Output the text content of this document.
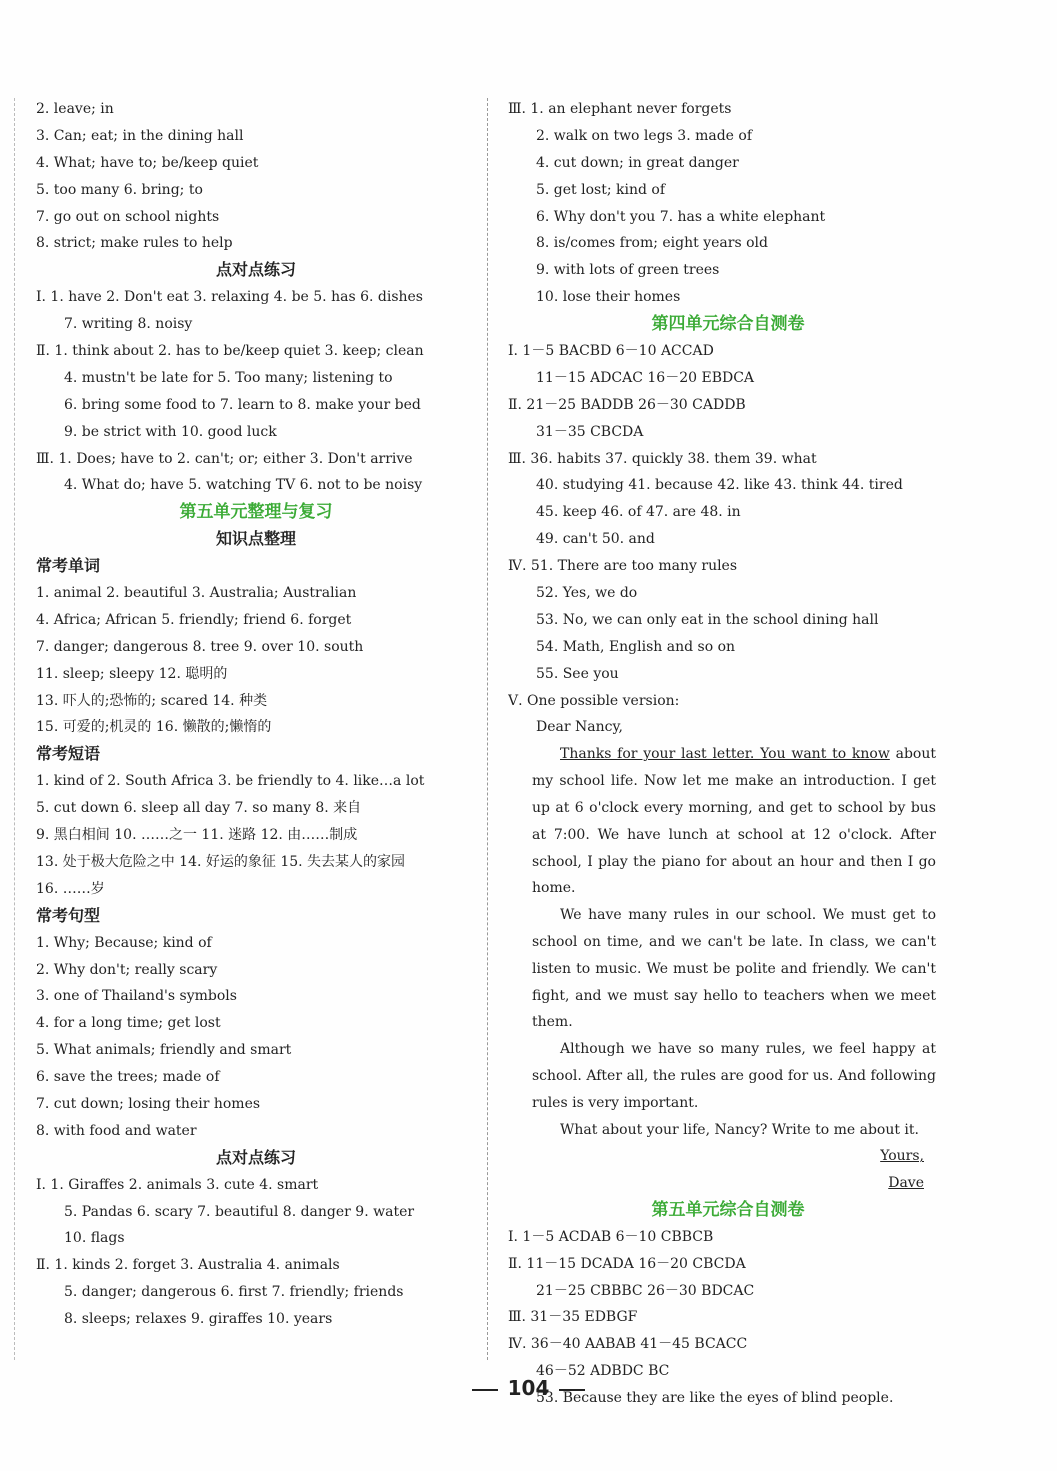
2. leave; in
3. Can; eat; in the dining hall
4. What; have to; be/keep quiet
5. too many 6. bring; to
7. go out on school nights
8. strict; make rules to help
点对点练习
Ⅰ. 1. have 2. Don't eat 3. relaxing 4. be 5. has 6. dishes
7. writing 8. noisy
Ⅱ. 1. think about 2. has to be/keep quiet 3. keep; clean
4. mustn't be late for 5. Too many; listening to
6. bring some food to 7. learn to 8. make your bed
9. be strict with 10. good luck
Ⅲ. 1. Does; have to 2. can't; or; either 3. Don't arrive
4. What do; have 5. watching TV 6. not to be noisy
第五单元整理与复习
知识点整理
常考单词
1. animal 2. beautiful 3. Australia; Australian
4. Africa; African 5. friendly; friend 6. forget
7. danger; dangerous 8. tree 9. over 10. south
11. sleep; sleepy 12. 聪明的
13. 吓人的;恐怖的; scared 14. 种类
15. 可爱的;机灵的 16. 懒散的;懒惰的
常考短语
1. kind of 2. South Africa 3. be friendly to 4. like…a lot
5. cut down 6. sleep all day 7. so many 8. 来自
9. 黑白相间 10. ……之一 11. 迷路 12. 由……制成
13. 处于极大危险之中 14. 好运的象征 15. 失去某人的家园
16. ……岁
常考句型
1. Why; Because; kind of
2. Why don't; really scary
3. one of Thailand's symbols
4. for a long time; get lost
5. What animals; friendly and smart
6. save the trees; made of
7. cut down; losing their homes
8. with food and water
点对点练习
Ⅰ. 1. Giraffes 2. animals 3. cute 4. smart
5. Pandas 6. scary 7. beautiful 8. danger 9. water
10. flags
Ⅱ. 1. kinds 2. forget 3. Australia 4. animals
5. danger; dangerous 6. first 7. friendly; friends
8. sleeps; relaxes 9. giraffes 10. years
Ⅲ. 1. an elephant never forgets
2. walk on two legs 3. made of
4. cut down; in great danger
5. get lost; kind of
6. Why don't you 7. has a white elephant
8. is/comes from; eight years old
9. with lots of green trees
10. lose their homes
第四单元综合自测卷
Ⅰ. 1－5 BACBD 6－10 ACCAD
11－15 ADCAC 16－20 EBDCA
Ⅱ. 21－25 BADDB 26－30 CADDB
31－35 CBCDA
Ⅲ. 36. habits 37. quickly 38. them 39. what
40. studying 41. because 42. like 43. think 44. tired
45. keep 46. of 47. are 48. in
49. can't 50. and
Ⅳ. 51. There are too many rules
52. Yes, we do
53. No, we can only eat in the school dining hall
54. Math, English and so on
55. See you
Ⅴ. One possible version:
Dear Nancy,

Thanks for your last letter. You want to know about my school life. Now let me make an introduction. I get up at 6 o'clock every morning, and get to school by bus at 7:00. We have lunch at school at 12 o'clock. After school, I play the piano for about an hour and then I go home.

We have many rules in our school. We must get to school on time, and we can't be late. In class, we can't listen to music. We must be polite and friendly. We can't fight, and we must say hello to teachers when we meet them.

Although we have so many rules, we feel happy at school. After all, the rules are good for us. And following rules is very important.

What about your life, Nancy? Write to me about it.

Yours,
Dave
第五单元综合自测卷
Ⅰ. 1－5 ACDAB 6－10 CBBCB
Ⅱ. 11－15 DCADA 16－20 CBCDA
21－25 CBBBC 26－30 BDCAC
Ⅲ. 31－35 EDBGF
Ⅳ. 36－40 AABAB 41－45 BCACC
46－52 ADBDC BC
53. Because they are like the eyes of blind people.
104
